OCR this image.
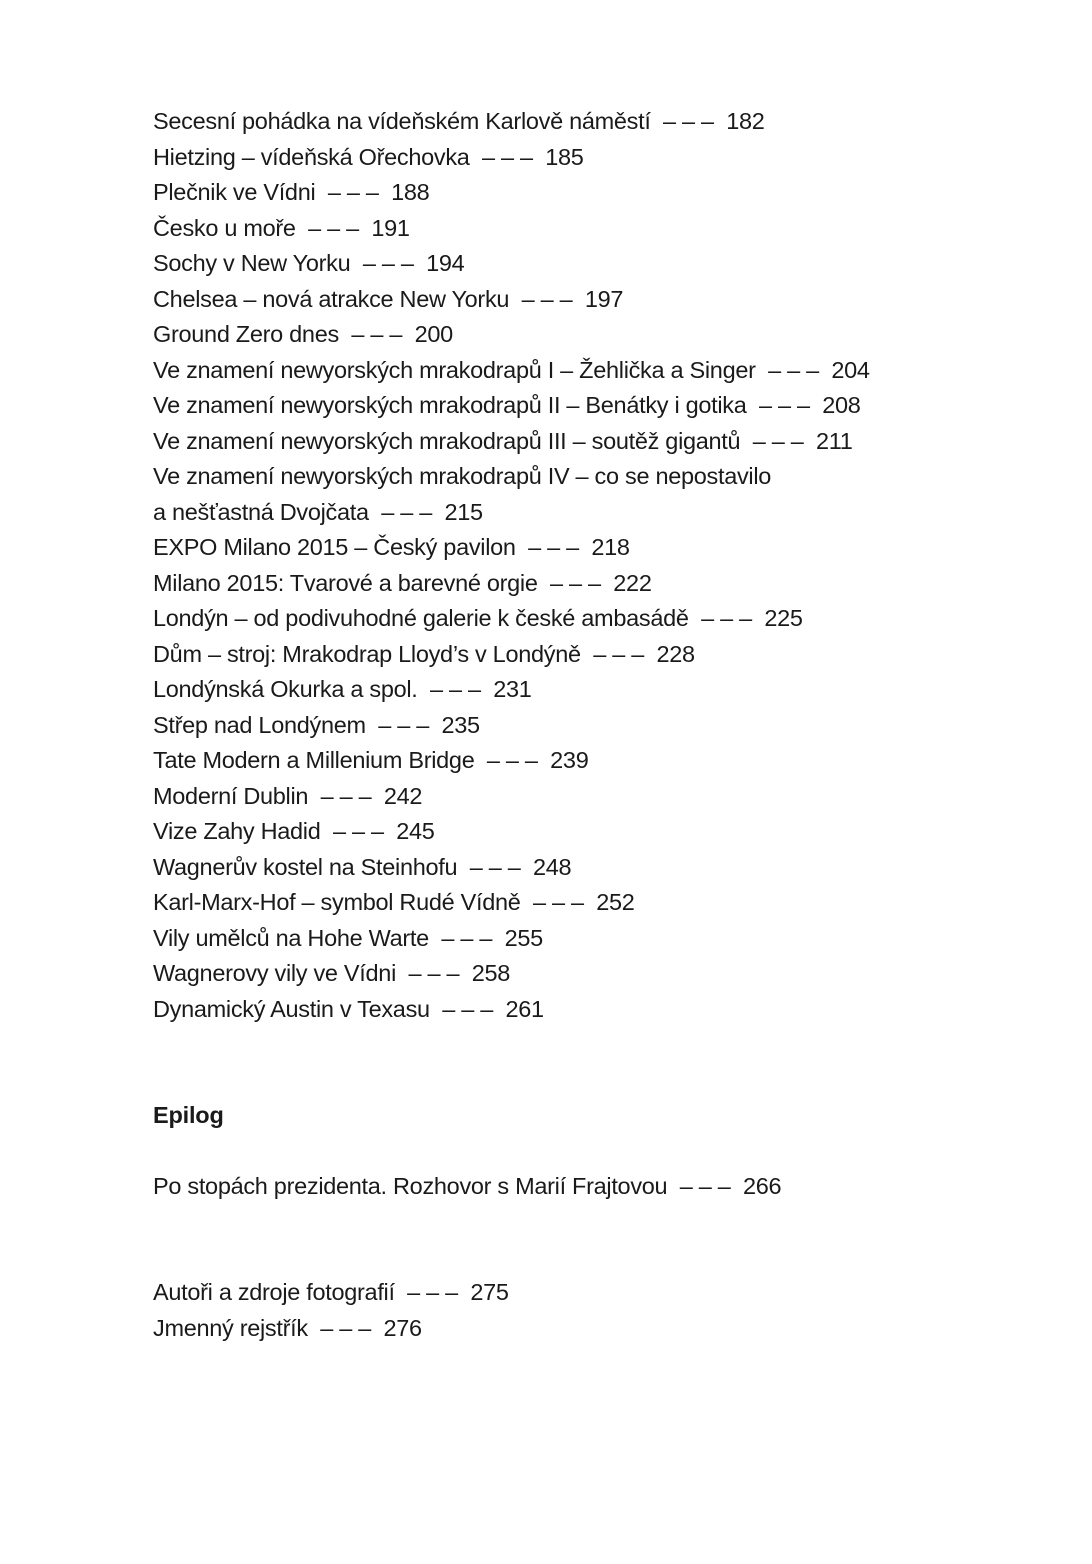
Secesní pohádka na vídeňském Karlově náměstí  – – –  182
Hietzing – vídeňská Ořechovka  – – –  185
Plečnik ve Vídni  – – –  188
Česko u moře  – – –  191
Sochy v New Yorku  – – –  194
Chelsea – nová atrakce New Yorku  – – –  197
Ground Zero dnes  – – –  200
Ve znamení newyorských mrakodrapů I – Žehlička a Singer  – – –  204
Ve znamení newyorských mrakodrapů II – Benátky i gotika  – – –  208
Ve znamení newyorských mrakodrapů III – soutěž gigantů  – – –  211
Ve znamení newyorských mrakodrapů IV – co se nepostavilo
a nešťastná Dvojčata  – – –  215
EXPO Milano 2015 – Český pavilon  – – –  218
Milano 2015: Tvarové a barevné orgie  – – –  222
Londýn – od podivuhodné galerie k české ambasádě  – – –  225
Dům – stroj: Mrakodrap Lloyd’s v Londýně  – – –  228
Londýnská Okurka a spol.  – – –  231
Střep nad Londýnem  – – –  235
Tate Modern a Millenium Bridge  – – –  239
Moderní Dublin  – – –  242
Vize Zahy Hadid  – – –  245
Wagnerův kostel na Steinhofu  – – –  248
Karl-Marx-Hof – symbol Rudé Vídně  – – –  252
Vily umělců na Hohe Warte  – – –  255
Wagnerovy vily ve Vídni  – – –  258
Dynamický Austin v Texasu  – – –  261
Epilog
Po stopách prezidenta. Rozhovor s Marií Frajtovou  – – –  266
Autoři a zdroje fotografií  – – –  275
Jmenný rejstřík  – – –  276
